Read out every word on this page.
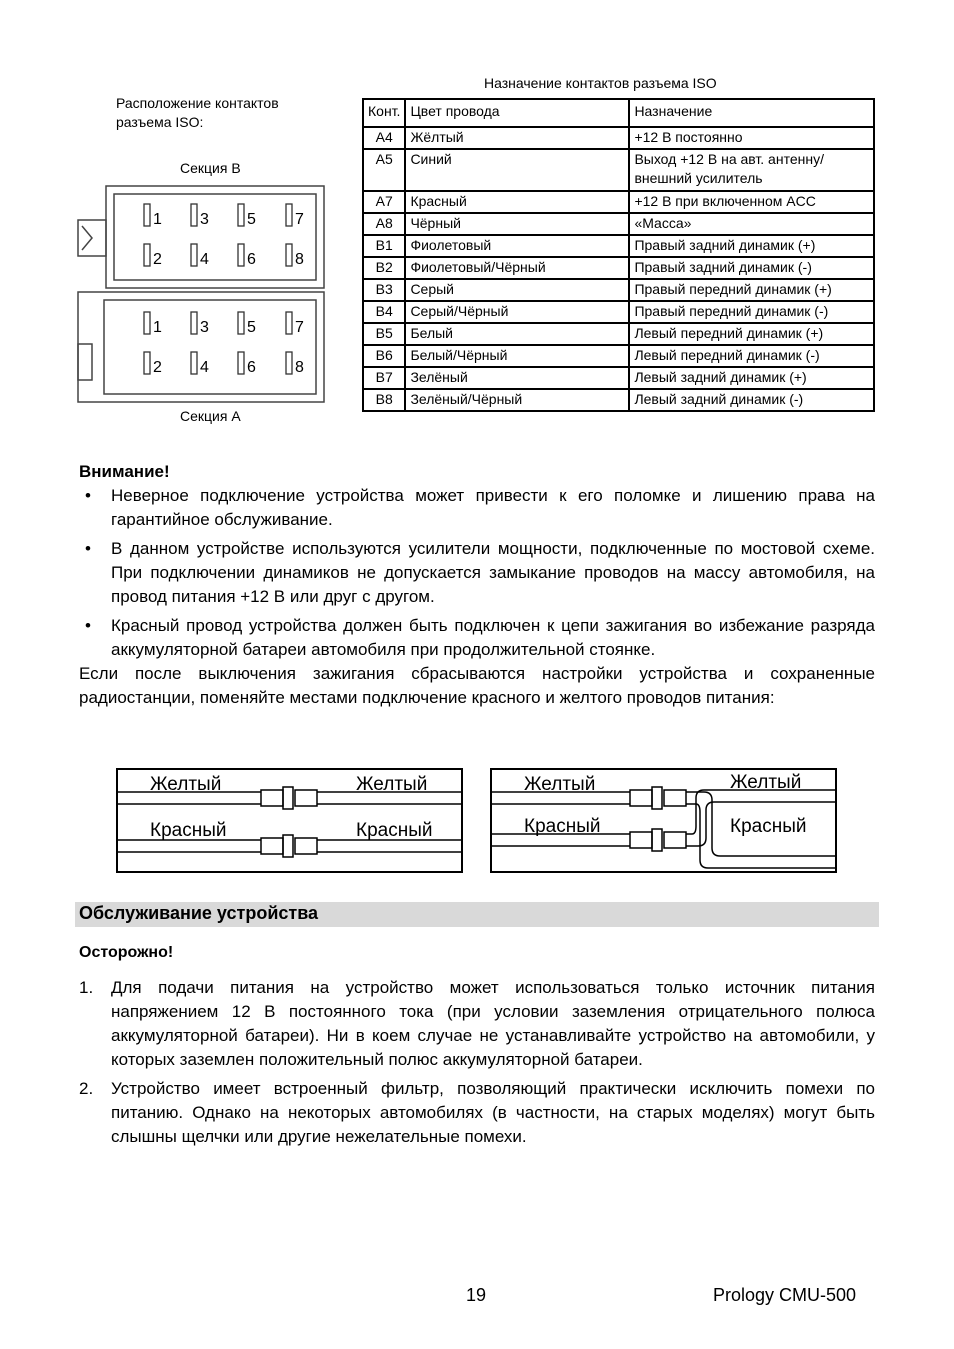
Расположение контактов разъема ISO:
Секция B
Секция A
1 3 5 7
2 4 6 8
1 3 5 7
2 4 6 8
Назначение контактов разъема ISO
Конт.	Цвет провода	Назначение
A4	Жёлтый	+12 В постоянно
A5	Синий	Выход +12 В на авт. антенну/ внешний усилитель
A7	Красный	+12 В при включенном ACC
A8	Чёрный	«Масса»
B1	Фиолетовый	Правый задний динамик (+)
B2	Фиолетовый/Чёрный	Правый задний динамик (-)
B3	Серый	Правый передний динамик (+)
B4	Серый/Чёрный	Правый передний динамик (-)
B5	Белый	Левый передний динамик (+)
B6	Белый/Чёрный	Левый передний динамик (-)
B7	Зелёный	Левый задний динамик (+)
B8	Зелёный/Чёрный	Левый задний динамик (-)
Внимание!
• Неверное подключение устройства может привести к его поломке и лишению права на гарантийное обслуживание.
• В данном устройстве используются усилители мощности, подключенные по мостовой схеме. При подключении динамиков не допускается замыкание проводов на массу автомобиля, на провод питания +12 В или друг с другом.
• Красный провод устройства должен быть подключен к цепи зажигания во избежание разряда аккумуляторной батареи автомобиля при продолжительной стоянке.

Если после выключения зажигания сбрасываются настройки устройства и сохраненные радиостанции, поменяйте местами подключение красного и желтого проводов питания:

Желтый	Желтый
Красный	Красный
Желтый	Желтый
Красный	Красный
Обслуживание устройства
Осторожно!
1. Для подачи питания на устройство может использоваться только источник питания напряжением 12 В постоянного тока (при условии заземления отрицательного полюса аккумуляторной батареи). Ни в коем случае не устанавливайте устройство на автомобили, у которых заземлен положительный полюс аккумуляторной батареи.
2. Устройство имеет встроенный фильтр, позволяющий практически исключить помехи по питанию. Однако на некоторых автомобилях (в частности, на старых моделях) могут быть слышны щелчки или другие нежелательные помехи.
19	Prology CMU-500
